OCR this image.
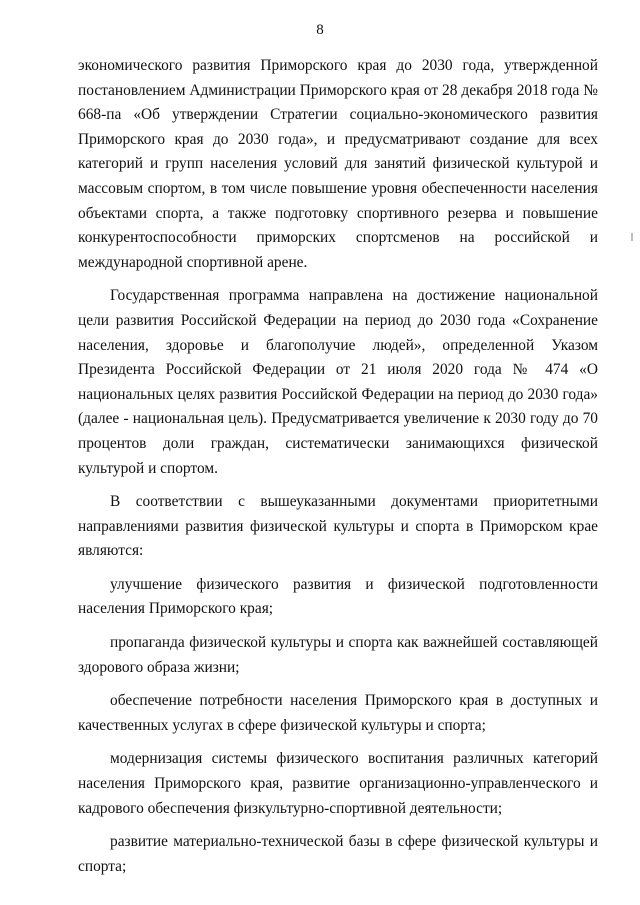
8

экономического развития Приморского края до 2030 года, утвержденной постановлением Администрации Приморского края от 28 декабря 2018 года № 668-па «Об утверждении Стратегии социально-экономического развития Приморского края до 2030 года», и предусматривают создание для всех категорий и групп населения условий для занятий физической культурой и массовым спортом, в том числе повышение уровня обеспеченности населения объектами спорта, а также подготовку спортивного резерва и повышение конкурентоспособности приморских спортсменов на российской и международной спортивной арене.

Государственная программа направлена на достижение национальной цели развития Российской Федерации на период до 2030 года «Сохранение населения, здоровье и благополучие людей», определенной Указом Президента Российской Федерации от 21 июля 2020 года № 474 «О национальных целях развития Российской Федерации на период до 2030 года» (далее - национальная цель). Предусматривается увеличение к 2030 году до 70 процентов доли граждан, систематически занимающихся физической культурой и спортом.

В соответствии с вышеуказанными документами приоритетными направлениями развития физической культуры и спорта в Приморском крае являются:

улучшение физического развития и физической подготовленности населения Приморского края;

пропаганда физической культуры и спорта как важнейшей составляющей здорового образа жизни;

обеспечение потребности населения Приморского края в доступных и качественных услугах в сфере физической культуры и спорта;

модернизация системы физического воспитания различных категорий населения Приморского края, развитие организационно-управленческого и кадрового обеспечения физкультурно-спортивной деятельности;

развитие материально-технической базы в сфере физической культуры и спорта;
